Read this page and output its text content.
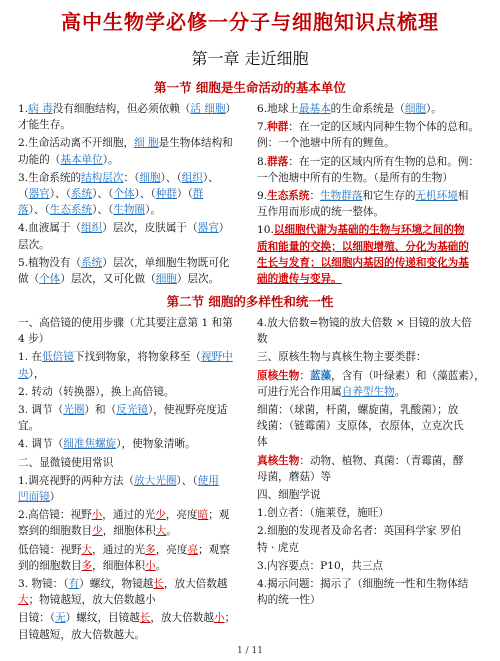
高中生物学必修一分子与细胞知识点梳理
第一章 走近细胞
第一节 细胞是生命活动的基本单位

1.病 毒没有细胞结构，但必须依赖（活 细胞）
才能生存。

2.生命活动离不开细胞，细 胞是生物体结构和
功能的（基本单位）。

3.生命系统的结构层次：（细胞）、（组织）、
（器官）、（系统）、（个体）、（种群）（群
落）、（生态系统）、（生物圈）。

4.血液属于（组织）层次，皮肤属于（器官）
层次。

5.植物没有（系统）层次，单细胞生物既可化
做（个体）层次，又可化做（细胞）层次。

6.地球上最基本的生命系统是（细胞）。

7.种群：在一定的区域内同种生物个体的总和。
例：一个池塘中所有的鲤鱼。

8.群落：在一定的区域内所有生物的总和。例：
一个池塘中所有的生物。（是所有的生物）

9.生态系统：生物群落和它生存的无机环境相
互作用而形成的统一整体。

10.以细胞代谢为基础的生物与环境之间的物
质和能量的交换；以细胞增殖、分化为基础的
生长与发育；以细胞内基因的传递和变化为基
础的遗传与变异。

第二节 细胞的多样性和统一性

一、高倍镜的使用步骤（尤其要注意第 1 和第
4 步）

1. 在低倍镜下找到物象，将物象移至（视野中
央），

2. 转动（转换器），换上高倍镜。

3. 调节（光圈）和（反光镜），使视野亮度适
宜。

4. 调节（细准焦螺旋），使物象清晰。

二、显微镜使用常识

1.调亮视野的两种方法（放大光圈）、（使用
凹面镜）

2.高倍镜：视野小，通过的光少，亮度暗；观
察到的细胞数目少，细胞体积大。

低倍镜：视野大，通过的光多，亮度亮；观察
到的细胞数目多，细胞体积小。

3. 物镜：（有）螺纹，物镜越长，放大倍数越
大；物镜越短，放大倍数越小

目镜：（无）螺纹，目镜越长，放大倍数越小；
目镜越短，放大倍数越大。

4.放大倍数=物镜的放大倍数 × 目镜的放大倍
数

三、原核生物与真核生物主要类群：

原核生物：蓝藻，含有（叶绿素）和（藻蓝素），
可进行光合作用属自养型生物。

细菌：（球菌，杆菌，螺旋菌，乳酸菌）；放
线菌：（链霉菌）支原体，衣原体，立克次氏
体

真核生物：动物、植物、真菌：（青霉菌，酵
母菌，蘑菇）等

四、细胞学说

1.创立者：（施莱登，施旺）

2.细胞的发现者及命名者：英国科学家 罗伯
特 · 虎克

3.内容要点：P10，共三点

4.揭示问题：揭示了（细胞统一性和生物体结
构的统一性）

1 / 11
